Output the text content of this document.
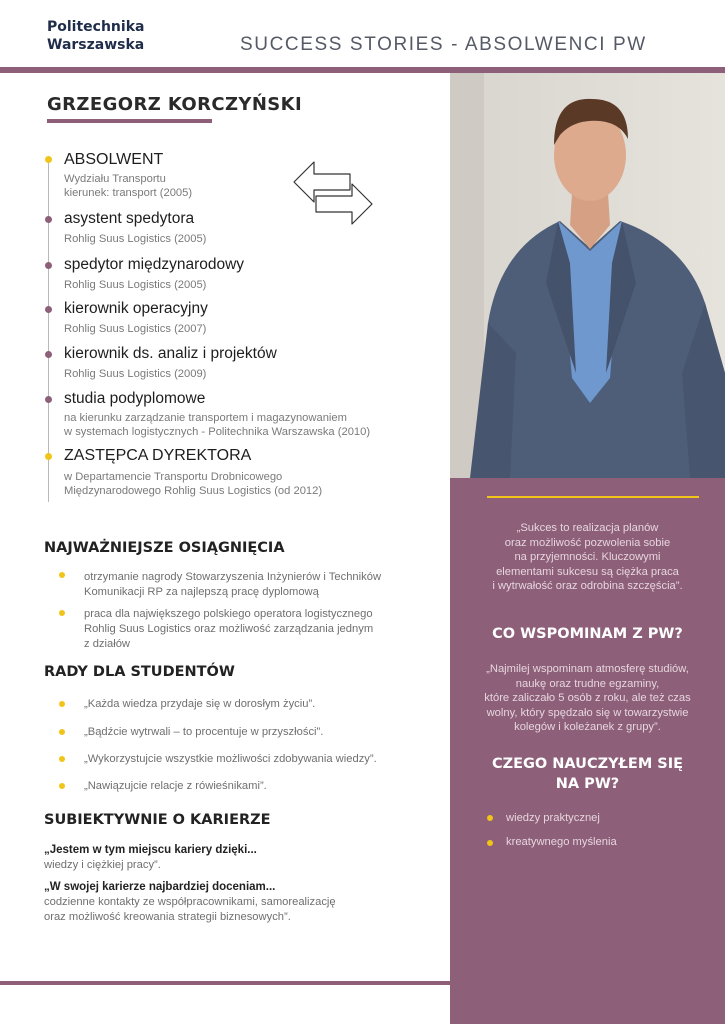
Politechnika
Warszawska	SUCCESS STORIES - ABSOLWENCI PW
GRZEGORZ KORCZYŃSKI
ABSOLWENT
Wydziału Transportu
kierunek: transport (2005)
asystent spedytora
Rohlig Suus Logistics (2005)
spedytor międzynarodowy
Rohlig Suus Logistics (2005)
kierownik operacyjny
Rohlig Suus Logistics (2007)
kierownik ds. analiz i projektów
Rohlig Suus Logistics (2009)
studia podyplomowe
na kierunku zarządzanie transportem i magazynowaniem
w systemach logistycznych - Politechnika Warszawska (2010)
ZASTĘPCA DYREKTORA
w Departamencie Transportu Drobnicowego
Międzynarodowego Rohlig Suus Logistics (od 2012)
NAJWAŻNIEJSZE OSIĄGNIĘCIA
otrzymanie nagrody Stowarzyszenia Inżynierów i Techników
Komunikacji RP za najlepszą pracę dyplomową
praca dla największego polskiego operatora logistycznego
Rohlig Suus Logistics oraz możliwość zarządzania jednym
z działów
RADY DLA STUDENTÓW
„Każda wiedza przydaje się w dorosłym życiu”.
„Bądźcie wytrwali – to procentuje w przyszłości”.
„Wykorzystujcie wszystkie możliwości zdobywania wiedzy”.
„Nawiązujcie relacje z rówieśnikami”.
SUBIEKTYWNIE O KARIERZE
„Jestem w tym miejscu kariery dzięki...
wiedzy i ciężkiej pracy”.
„W swojej karierze najbardziej doceniam...
codzienne kontakty ze współpracownikami, samorealizację
oraz możliwość kreowania strategii biznesowych”.
„Sukces to realizacja planów
oraz możliwość pozwolenia sobie
na przyjemności. Kluczowymi
elementami sukcesu są ciężka praca
i wytrwałość oraz odrobina szczęścia”.
CO WSPOMINAM Z PW?
„Najmilej wspominam atmosferę studiów,
naukę oraz trudne egzaminy,
które zaliczało 5 osób z roku, ale też czas
wolny, który spędzało się w towarzystwie
kolegów i koleżanek z grupy”.
CZEGO NAUCZYŁEM SIĘ
NA PW?
wiedzy praktycznej
kreatywnego myślenia
